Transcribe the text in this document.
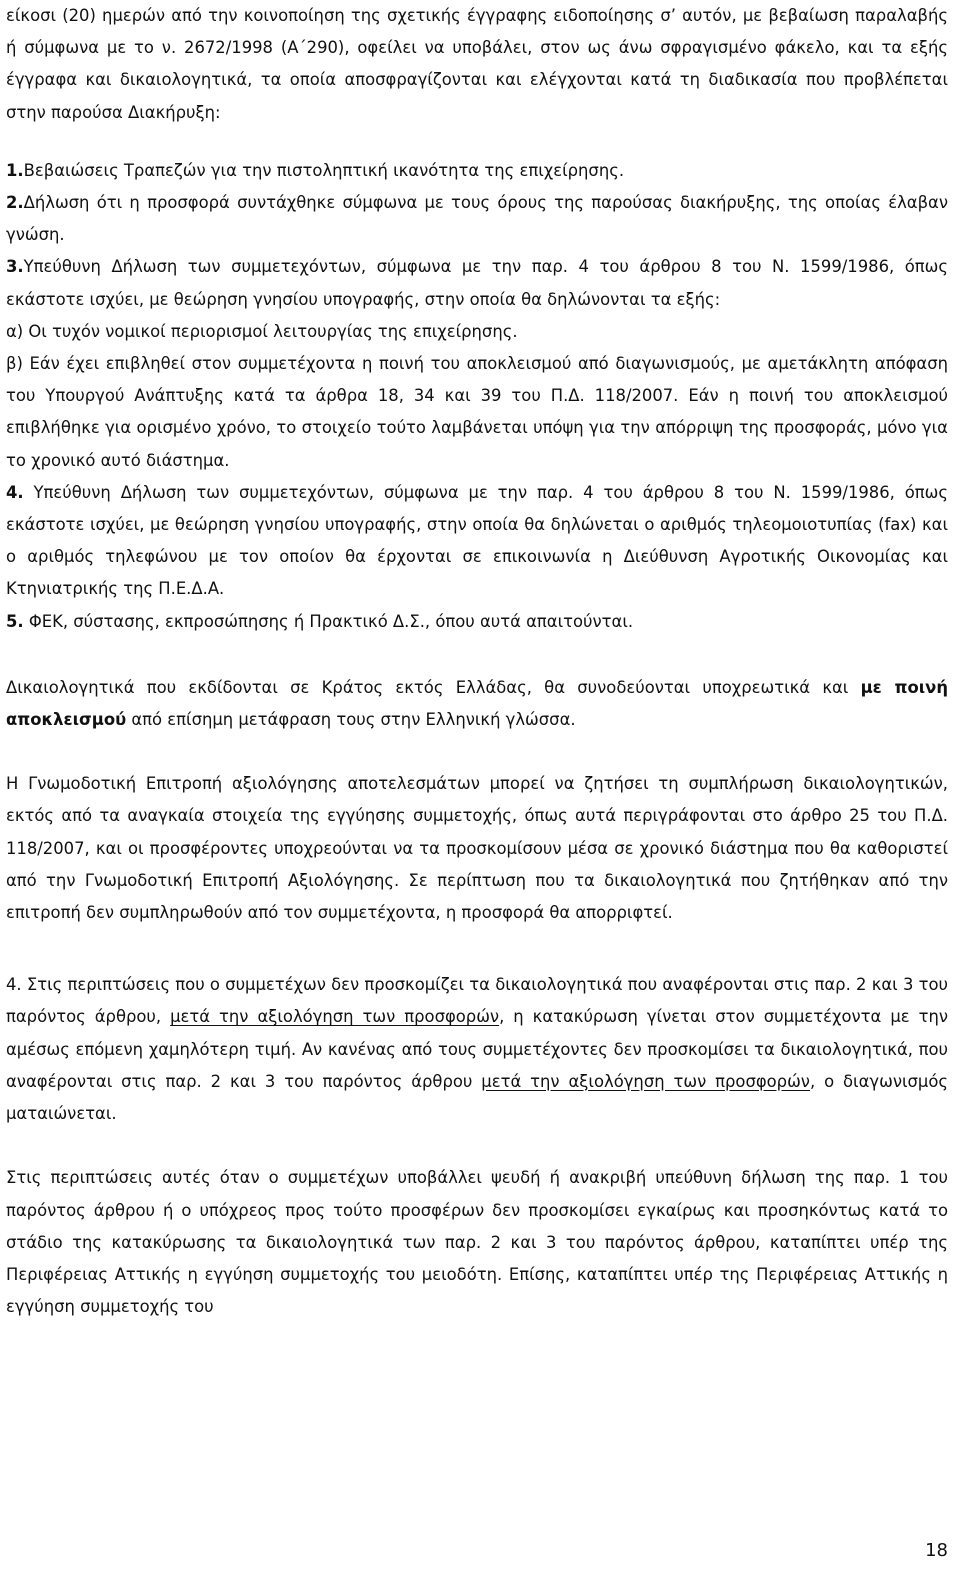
είκοσι (20) ημερών από την κοινοποίηση της σχετικής έγγραφης ειδοποίησης σ’ αυτόν, με βεβαίωση παραλαβής ή σύμφωνα με το ν. 2672/1998 (Α΄290), οφείλει να υποβάλει, στον ως άνω σφραγισμένο φάκελο, και τα εξής έγγραφα και δικαιολογητικά, τα οποία αποσφραγίζονται και ελέγχονται κατά τη διαδικασία που προβλέπεται στην παρούσα Διακήρυξη:

1.Βεβαιώσεις Τραπεζών για την πιστοληπτική ικανότητα της επιχείρησης.

2.Δήλωση ότι η προσφορά συντάχθηκε σύμφωνα με τους όρους της παρούσας διακήρυξης, της οποίας έλαβαν γνώση.

3.Υπεύθυνη Δήλωση των συμμετεχόντων, σύμφωνα με την παρ. 4 του άρθρου 8 του Ν. 1599/1986, όπως εκάστοτε ισχύει, με θεώρηση γνησίου υπογραφής, στην οποία θα δηλώνονται τα εξής:

α) Οι τυχόν νομικοί περιορισμοί λειτουργίας της επιχείρησης.

β) Εάν έχει επιβληθεί στον συμμετέχοντα η ποινή του αποκλεισμού από διαγωνισμούς, με αμετάκλητη απόφαση του Υπουργού Ανάπτυξης κατά τα άρθρα 18, 34 και 39 του Π.Δ. 118/2007. Εάν η ποινή του αποκλεισμού επιβλήθηκε για ορισμένο χρόνο, το στοιχείο τούτο λαμβάνεται υπόψη για την απόρριψη της προσφοράς, μόνο για το χρονικό αυτό διάστημα.

4. Υπεύθυνη Δήλωση των συμμετεχόντων, σύμφωνα με την παρ. 4 του άρθρου 8 του Ν. 1599/1986, όπως εκάστοτε ισχύει, με θεώρηση γνησίου υπογραφής, στην οποία θα δηλώνεται ο αριθμός τηλεομοιοτυπίας (fax) και ο αριθμός τηλεφώνου με τον οποίον θα έρχονται σε επικοινωνία η Διεύθυνση Αγροτικής Οικονομίας και Κτηνιατρικής της Π.Ε.Δ.Α.

5. ΦΕΚ, σύστασης, εκπροσώπησης ή Πρακτικό Δ.Σ., όπου αυτά απαιτούνται.

Δικαιολογητικά που εκδίδονται σε Κράτος εκτός Ελλάδας, θα συνοδεύονται υποχρεωτικά και με ποινή αποκλεισμού από επίσημη μετάφραση τους στην Ελληνική γλώσσα.

Η Γνωμοδοτική Επιτροπή αξιολόγησης αποτελεσμάτων μπορεί να ζητήσει τη συμπλήρωση δικαιολογητικών, εκτός από τα αναγκαία στοιχεία της εγγύησης συμμετοχής, όπως αυτά περιγράφονται στο άρθρο 25 του Π.Δ. 118/2007, και οι προσφέροντες υποχρεούνται να τα προσκομίσουν μέσα σε χρονικό διάστημα που θα καθοριστεί από την Γνωμοδοτική Επιτροπή Αξιολόγησης. Σε περίπτωση που τα δικαιολογητικά που ζητήθηκαν από την επιτροπή δεν συμπληρωθούν από τον συμμετέχοντα, η προσφορά θα απορριφτεί.

4. Στις περιπτώσεις που ο συμμετέχων δεν προσκομίζει τα δικαιολογητικά που αναφέρονται στις παρ. 2 και 3 του παρόντος άρθρου, μετά την αξιολόγηση των προσφορών, η κατακύρωση γίνεται στον συμμετέχοντα με την αμέσως επόμενη χαμηλότερη τιμή. Αν κανένας από τους συμμετέχοντες δεν προσκομίσει τα δικαιολογητικά, που αναφέρονται στις παρ. 2 και 3 του παρόντος άρθρου μετά την αξιολόγηση των προσφορών, ο διαγωνισμός ματαιώνεται.

Στις περιπτώσεις αυτές όταν ο συμμετέχων υποβάλλει ψευδή ή ανακριβή υπεύθυνη δήλωση της παρ. 1 του παρόντος άρθρου ή ο υπόχρεος προς τούτο προσφέρων δεν προσκομίσει εγκαίρως και προσηκόντως κατά το στάδιο της κατακύρωσης τα δικαιολογητικά των παρ. 2 και 3 του παρόντος άρθρου, καταπίπτει υπέρ της Περιφέρειας Αττικής η εγγύηση συμμετοχής του μειοδότη. Επίσης, καταπίπτει υπέρ της Περιφέρειας Αττικής η εγγύηση συμμετοχής του

18
